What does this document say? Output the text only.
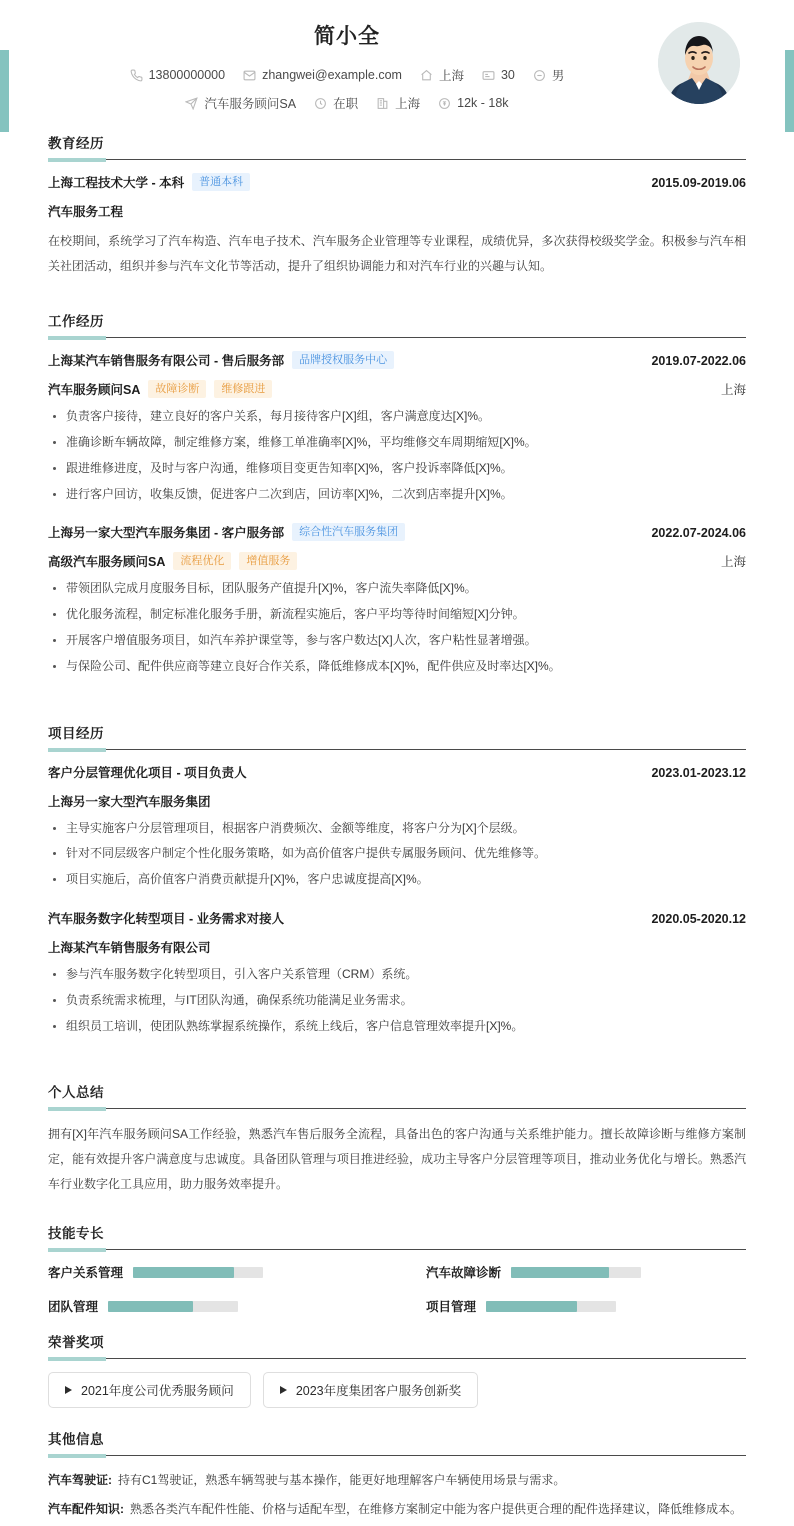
简小全
13800000000	zhangwei@example.com	上海	30	男
汽车服务顾问SA	在职	上海	12k - 18k
教育经历
上海工程技术大学 - 本科	普通本科	2015.09-2019.06
汽车服务工程
在校期间，系统学习了汽车构造、汽车电子技术、汽车服务企业管理等专业课程，成绩优异，多次获得校级奖学金。积极参与汽车相关社团活动，组织并参与汽车文化节等活动，提升了组织协调能力和对汽车行业的兴趣与认知。
工作经历
上海某汽车销售服务有限公司 - 售后服务部	品牌授权服务中心	2019.07-2022.06
汽车服务顾问SA	故障诊断	维修跟进	上海
负责客户接待，建立良好的客户关系，每月接待客户[X]组，客户满意度达[X]%。
准确诊断车辆故障，制定维修方案，维修工单准确率[X]%，平均维修交车周期缩短[X]%。
跟进维修进度，及时与客户沟通，维修项目变更告知率[X]%，客户投诉率降低[X]%。
进行客户回访，收集反馈，促进客户二次到店，回访率[X]%，二次到店率提升[X]%。
上海另一家大型汽车服务集团 - 客户服务部	综合性汽车服务集团	2022.07-2024.06
高级汽车服务顾问SA	流程优化	增值服务	上海
带领团队完成月度服务目标，团队服务产值提升[X]%，客户流失率降低[X]%。
优化服务流程，制定标准化服务手册，新流程实施后，客户平均等待时间缩短[X]分钟。
开展客户增值服务项目，如汽车养护课堂等，参与客户数达[X]人次，客户粘性显著增强。
与保险公司、配件供应商等建立良好合作关系，降低维修成本[X]%，配件供应及时率达[X]%。
项目经历
客户分层管理优化项目 - 项目负责人	2023.01-2023.12
上海另一家大型汽车服务集团
主导实施客户分层管理项目，根据客户消费频次、金额等维度，将客户分为[X]个层级。
针对不同层级客户制定个性化服务策略，如为高价值客户提供专属服务顾问、优先维修等。
项目实施后，高价值客户消费贡献提升[X]%，客户忠诚度提高[X]%。
汽车服务数字化转型项目 - 业务需求对接人	2020.05-2020.12
上海某汽车销售服务有限公司
参与汽车服务数字化转型项目，引入客户关系管理（CRM）系统。
负责系统需求梳理，与IT团队沟通，确保系统功能满足业务需求。
组织员工培训，使团队熟练掌握系统操作，系统上线后，客户信息管理效率提升[X]%。
个人总结
拥有[X]年汽车服务顾问SA工作经验，熟悉汽车售后服务全流程，具备出色的客户沟通与关系维护能力。擅长故障诊断与维修方案制定，能有效提升客户满意度与忠诚度。具备团队管理与项目推进经验，成功主导客户分层管理等项目，推动业务优化与增长。熟悉汽车行业数字化工具应用，助力服务效率提升。
技能专长
客户关系管理	汽车故障诊断
团队管理	项目管理
荣誉奖项
2021年度公司优秀服务顾问	2023年度集团客户服务创新奖
其他信息
汽车驾驶证: 持有C1驾驶证，熟悉车辆驾驶与基本操作，能更好地理解客户车辆使用场景与需求。
汽车配件知识: 熟悉各类汽车配件性能、价格与适配车型，在维修方案制定中能为客户提供更合理的配件选择建议，降低维修成本。
